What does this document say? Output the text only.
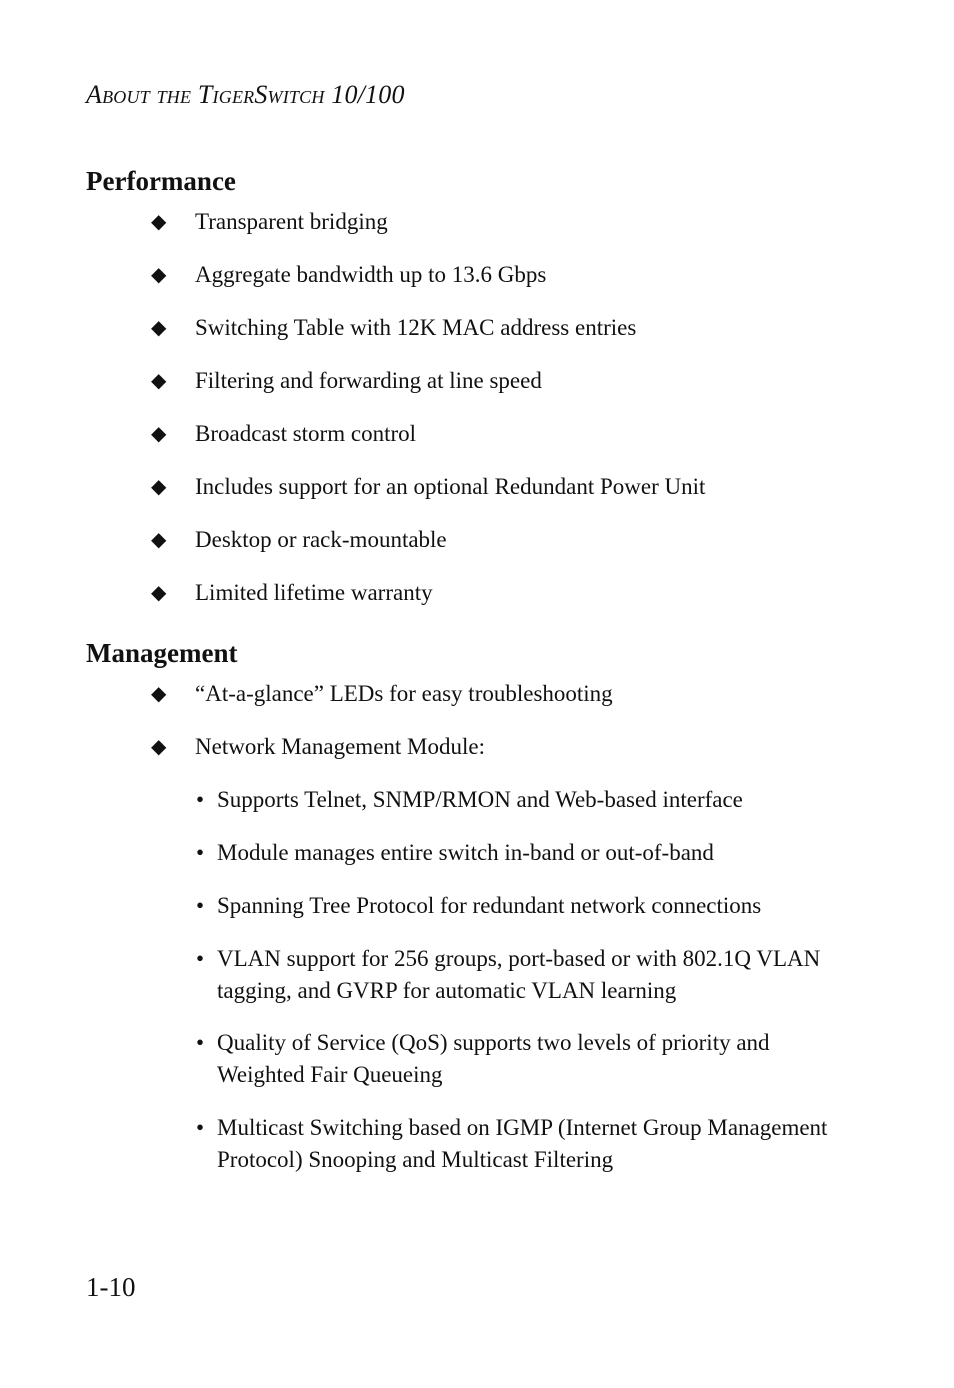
About the TigerSwitch 10/100
Performance
◆ Transparent bridging
◆ Aggregate bandwidth up to 13.6 Gbps
◆ Switching Table with 12K MAC address entries
◆ Filtering and forwarding at line speed
◆ Broadcast storm control
◆ Includes support for an optional Redundant Power Unit
◆ Desktop or rack-mountable
◆ Limited lifetime warranty
Management
◆ “At-a-glance” LEDs for easy troubleshooting
◆ Network Management Module:
• Supports Telnet, SNMP/RMON and Web-based interface
• Module manages entire switch in-band or out-of-band
• Spanning Tree Protocol for redundant network connections
• VLAN support for 256 groups, port-based or with 802.1Q VLAN tagging, and GVRP for automatic VLAN learning
• Quality of Service (QoS) supports two levels of priority and Weighted Fair Queueing
• Multicast Switching based on IGMP (Internet Group Management Protocol) Snooping and Multicast Filtering
1-10
